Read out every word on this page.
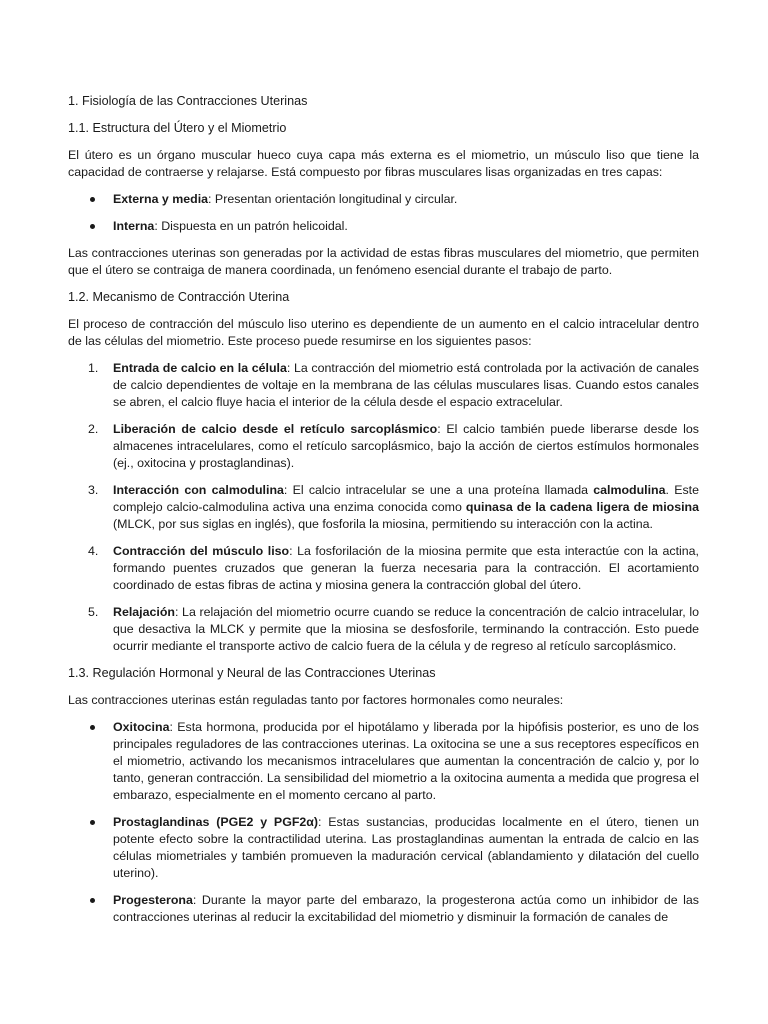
1. Fisiología de las Contracciones Uterinas
1.1. Estructura del Útero y el Miometrio

El útero es un órgano muscular hueco cuya capa más externa es el miometrio, un músculo liso que tiene la capacidad de contraerse y relajarse. Está compuesto por fibras musculares lisas organizadas en tres capas:

Externa y media: Presentan orientación longitudinal y circular.
Interna: Dispuesta en un patrón helicoidal.

Las contracciones uterinas son generadas por la actividad de estas fibras musculares del miometrio, que permiten que el útero se contraiga de manera coordinada, un fenómeno esencial durante el trabajo de parto.

1.2. Mecanismo de Contracción Uterina

El proceso de contracción del músculo liso uterino es dependiente de un aumento en el calcio intracelular dentro de las células del miometrio. Este proceso puede resumirse en los siguientes pasos:

1. Entrada de calcio en la célula: La contracción del miometrio está controlada por la activación de canales de calcio dependientes de voltaje en la membrana de las células musculares lisas. Cuando estos canales se abren, el calcio fluye hacia el interior de la célula desde el espacio extracelular.
2. Liberación de calcio desde el retículo sarcoplásmico: El calcio también puede liberarse desde los almacenes intracelulares, como el retículo sarcoplásmico, bajo la acción de ciertos estímulos hormonales (ej., oxitocina y prostaglandinas).
3. Interacción con calmodulina: El calcio intracelular se une a una proteína llamada calmodulina. Este complejo calcio-calmodulina activa una enzima conocida como quinasa de la cadena ligera de miosina (MLCK, por sus siglas en inglés), que fosforila la miosina, permitiendo su interacción con la actina.
4. Contracción del músculo liso: La fosforilación de la miosina permite que esta interactúe con la actina, formando puentes cruzados que generan la fuerza necesaria para la contracción. El acortamiento coordinado de estas fibras de actina y miosina genera la contracción global del útero.
5. Relajación: La relajación del miometrio ocurre cuando se reduce la concentración de calcio intracelular, lo que desactiva la MLCK y permite que la miosina se desfosforile, terminando la contracción. Esto puede ocurrir mediante el transporte activo de calcio fuera de la célula y de regreso al retículo sarcoplásmico.
1.3. Regulación Hormonal y Neural de las Contracciones Uterinas

Las contracciones uterinas están reguladas tanto por factores hormonales como neurales:

Oxitocina: Esta hormona, producida por el hipotálamo y liberada por la hipófisis posterior, es uno de los principales reguladores de las contracciones uterinas. La oxitocina se une a sus receptores específicos en el miometrio, activando los mecanismos intracelulares que aumentan la concentración de calcio y, por lo tanto, generan contracción. La sensibilidad del miometrio a la oxitocina aumenta a medida que progresa el embarazo, especialmente en el momento cercano al parto.
Prostaglandinas (PGE2 y PGF2α): Estas sustancias, producidas localmente en el útero, tienen un potente efecto sobre la contractilidad uterina. Las prostaglandinas aumentan la entrada de calcio en las células miometriales y también promueven la maduración cervical (ablandamiento y dilatación del cuello uterino).
Progesterona: Durante la mayor parte del embarazo, la progesterona actúa como un inhibidor de las contracciones uterinas al reducir la excitabilidad del miometrio y disminuir la formación de canales de
